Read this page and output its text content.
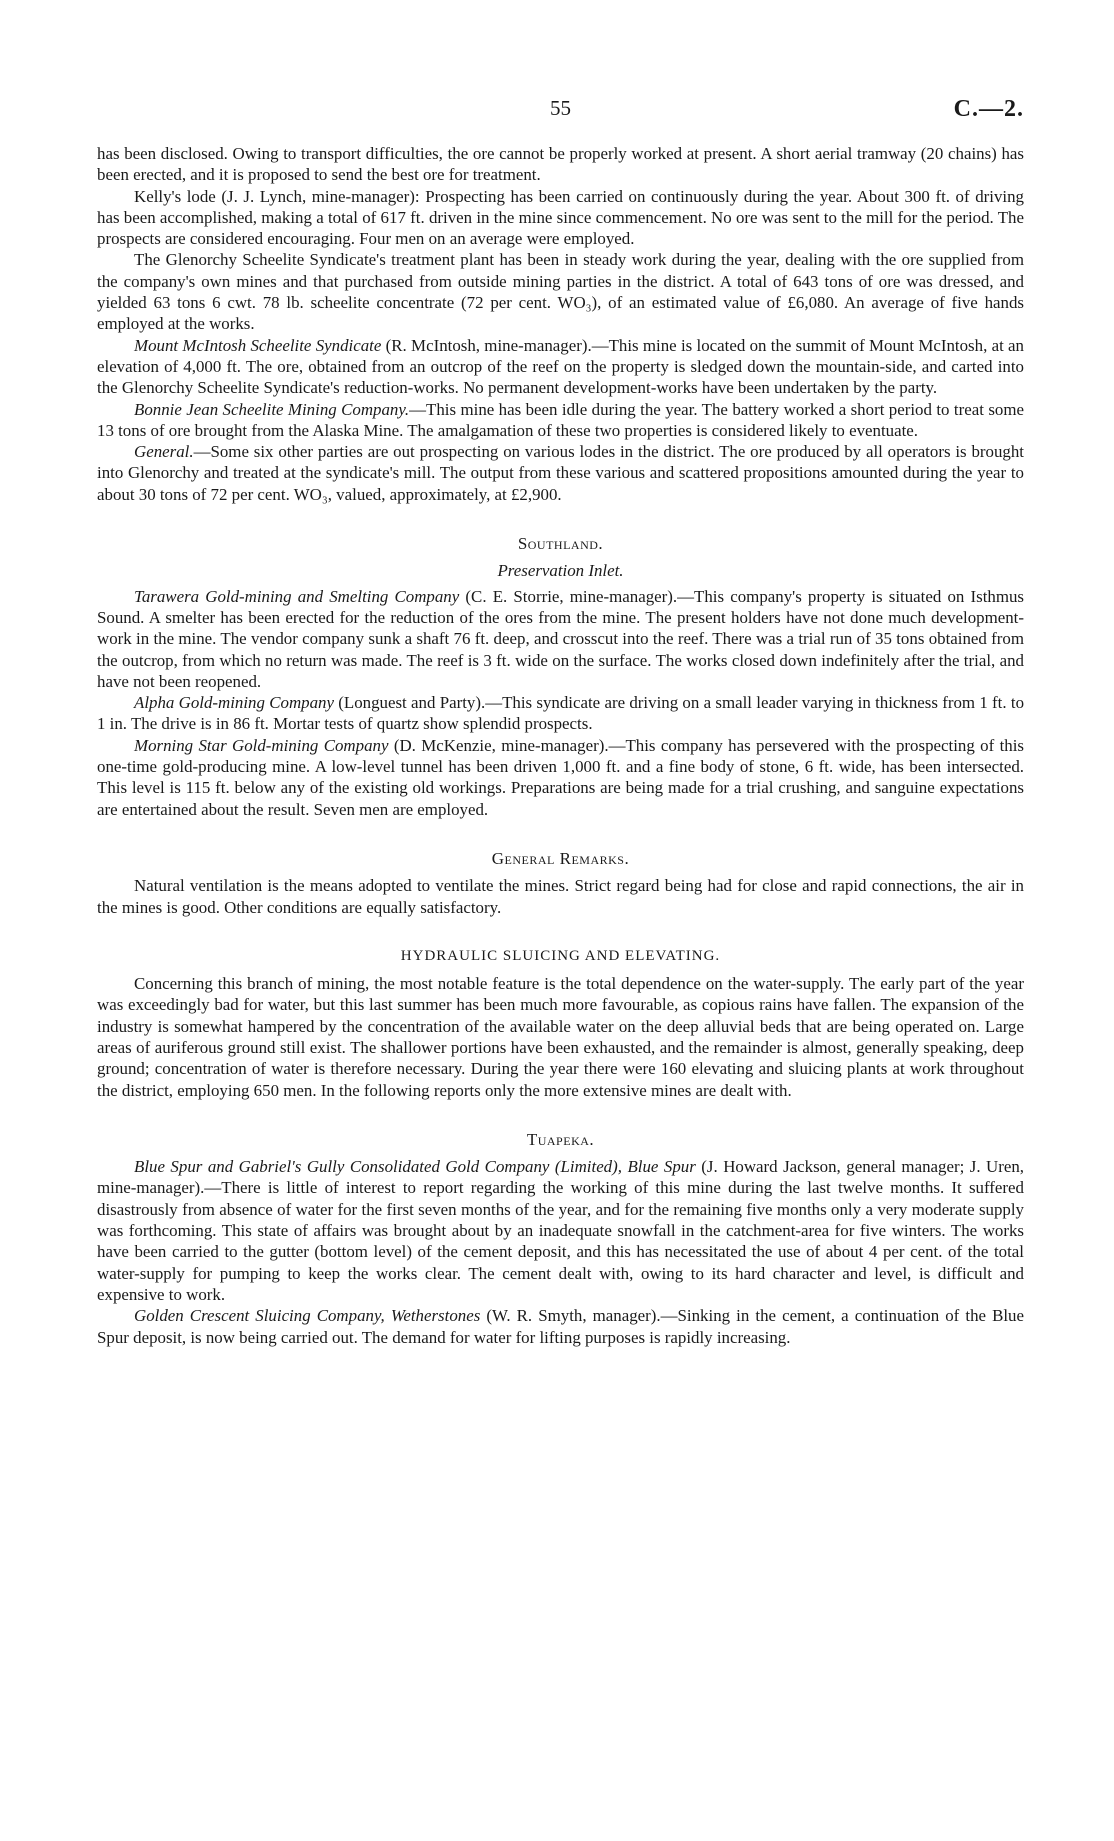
55	C.—2.

has been disclosed. Owing to transport difficulties, the ore cannot be properly worked at present. A short aerial tramway (20 chains) has been erected, and it is proposed to send the best ore for treatment.

Kelly's lode (J. J. Lynch, mine-manager): Prospecting has been carried on continuously during the year. About 300 ft. of driving has been accomplished, making a total of 617 ft. driven in the mine since commencement. No ore was sent to the mill for the period. The prospects are considered encouraging. Four men on an average were employed.

The Glenorchy Scheelite Syndicate's treatment plant has been in steady work during the year, dealing with the ore supplied from the company's own mines and that purchased from outside mining parties in the district. A total of 643 tons of ore was dressed, and yielded 63 tons 6 cwt. 78 lb. scheelite concentrate (72 per cent. WO₃), of an estimated value of £6,080. An average of five hands employed at the works.

Mount McIntosh Scheelite Syndicate (R. McIntosh, mine-manager).—This mine is located on the summit of Mount McIntosh, at an elevation of 4,000 ft. The ore, obtained from an outcrop of the reef on the property is sledged down the mountain-side, and carted into the Glenorchy Scheelite Syndicate's reduction-works. No permanent development-works have been undertaken by the party.

Bonnie Jean Scheelite Mining Company.—This mine has been idle during the year. The battery worked a short period to treat some 13 tons of ore brought from the Alaska Mine. The amalgamation of these two properties is considered likely to eventuate.

General.—Some six other parties are out prospecting on various lodes in the district. The ore produced by all operators is brought into Glenorchy and treated at the syndicate's mill. The output from these various and scattered propositions amounted during the year to about 30 tons of 72 per cent. WO₃, valued, approximately, at £2,900.

Southland.
Preservation Inlet.

Tarawera Gold-mining and Smelting Company (C. E. Storrie, mine-manager).—This company's property is situated on Isthmus Sound. A smelter has been erected for the reduction of the ores from the mine. The present holders have not done much development-work in the mine. The vendor company sunk a shaft 76 ft. deep, and crosscut into the reef. There was a trial run of 35 tons obtained from the outcrop, from which no return was made. The reef is 3 ft. wide on the surface. The works closed down indefinitely after the trial, and have not been reopened.

Alpha Gold-mining Company (Longuest and Party).—This syndicate are driving on a small leader varying in thickness from 1 ft. to 1 in. The drive is in 86 ft. Mortar tests of quartz show splendid prospects.

Morning Star Gold-mining Company (D. McKenzie, mine-manager).—This company has persevered with the prospecting of this one-time gold-producing mine. A low-level tunnel has been driven 1,000 ft. and a fine body of stone, 6 ft. wide, has been intersected. This level is 115 ft. below any of the existing old workings. Preparations are being made for a trial crushing, and sanguine expectations are entertained about the result. Seven men are employed.

General Remarks.

Natural ventilation is the means adopted to ventilate the mines. Strict regard being had for close and rapid connections, the air in the mines is good. Other conditions are equally satisfactory.

HYDRAULIC SLUICING AND ELEVATING.

Concerning this branch of mining, the most notable feature is the total dependence on the water-supply. The early part of the year was exceedingly bad for water, but this last summer has been much more favourable, as copious rains have fallen. The expansion of the industry is somewhat hampered by the concentration of the available water on the deep alluvial beds that are being operated on. Large areas of auriferous ground still exist. The shallower portions have been exhausted, and the remainder is almost, generally speaking, deep ground; concentration of water is therefore necessary. During the year there were 160 elevating and sluicing plants at work throughout the district, employing 650 men. In the following reports only the more extensive mines are dealt with.

Tuapeka.

Blue Spur and Gabriel's Gully Consolidated Gold Company (Limited), Blue Spur (J. Howard Jackson, general manager; J. Uren, mine-manager).—There is little of interest to report regarding the working of this mine during the last twelve months. It suffered disastrously from absence of water for the first seven months of the year, and for the remaining five months only a very moderate supply was forthcoming. This state of affairs was brought about by an inadequate snowfall in the catchment-area for five winters. The works have been carried to the gutter (bottom level) of the cement deposit, and this has necessitated the use of about 4 per cent. of the total water-supply for pumping to keep the works clear. The cement dealt with, owing to its hard character and level, is difficult and expensive to work.

Golden Crescent Sluicing Company, Wetherstones (W. R. Smyth, manager).—Sinking in the cement, a continuation of the Blue Spur deposit, is now being carried out. The demand for water for lifting purposes is rapidly increasing.
